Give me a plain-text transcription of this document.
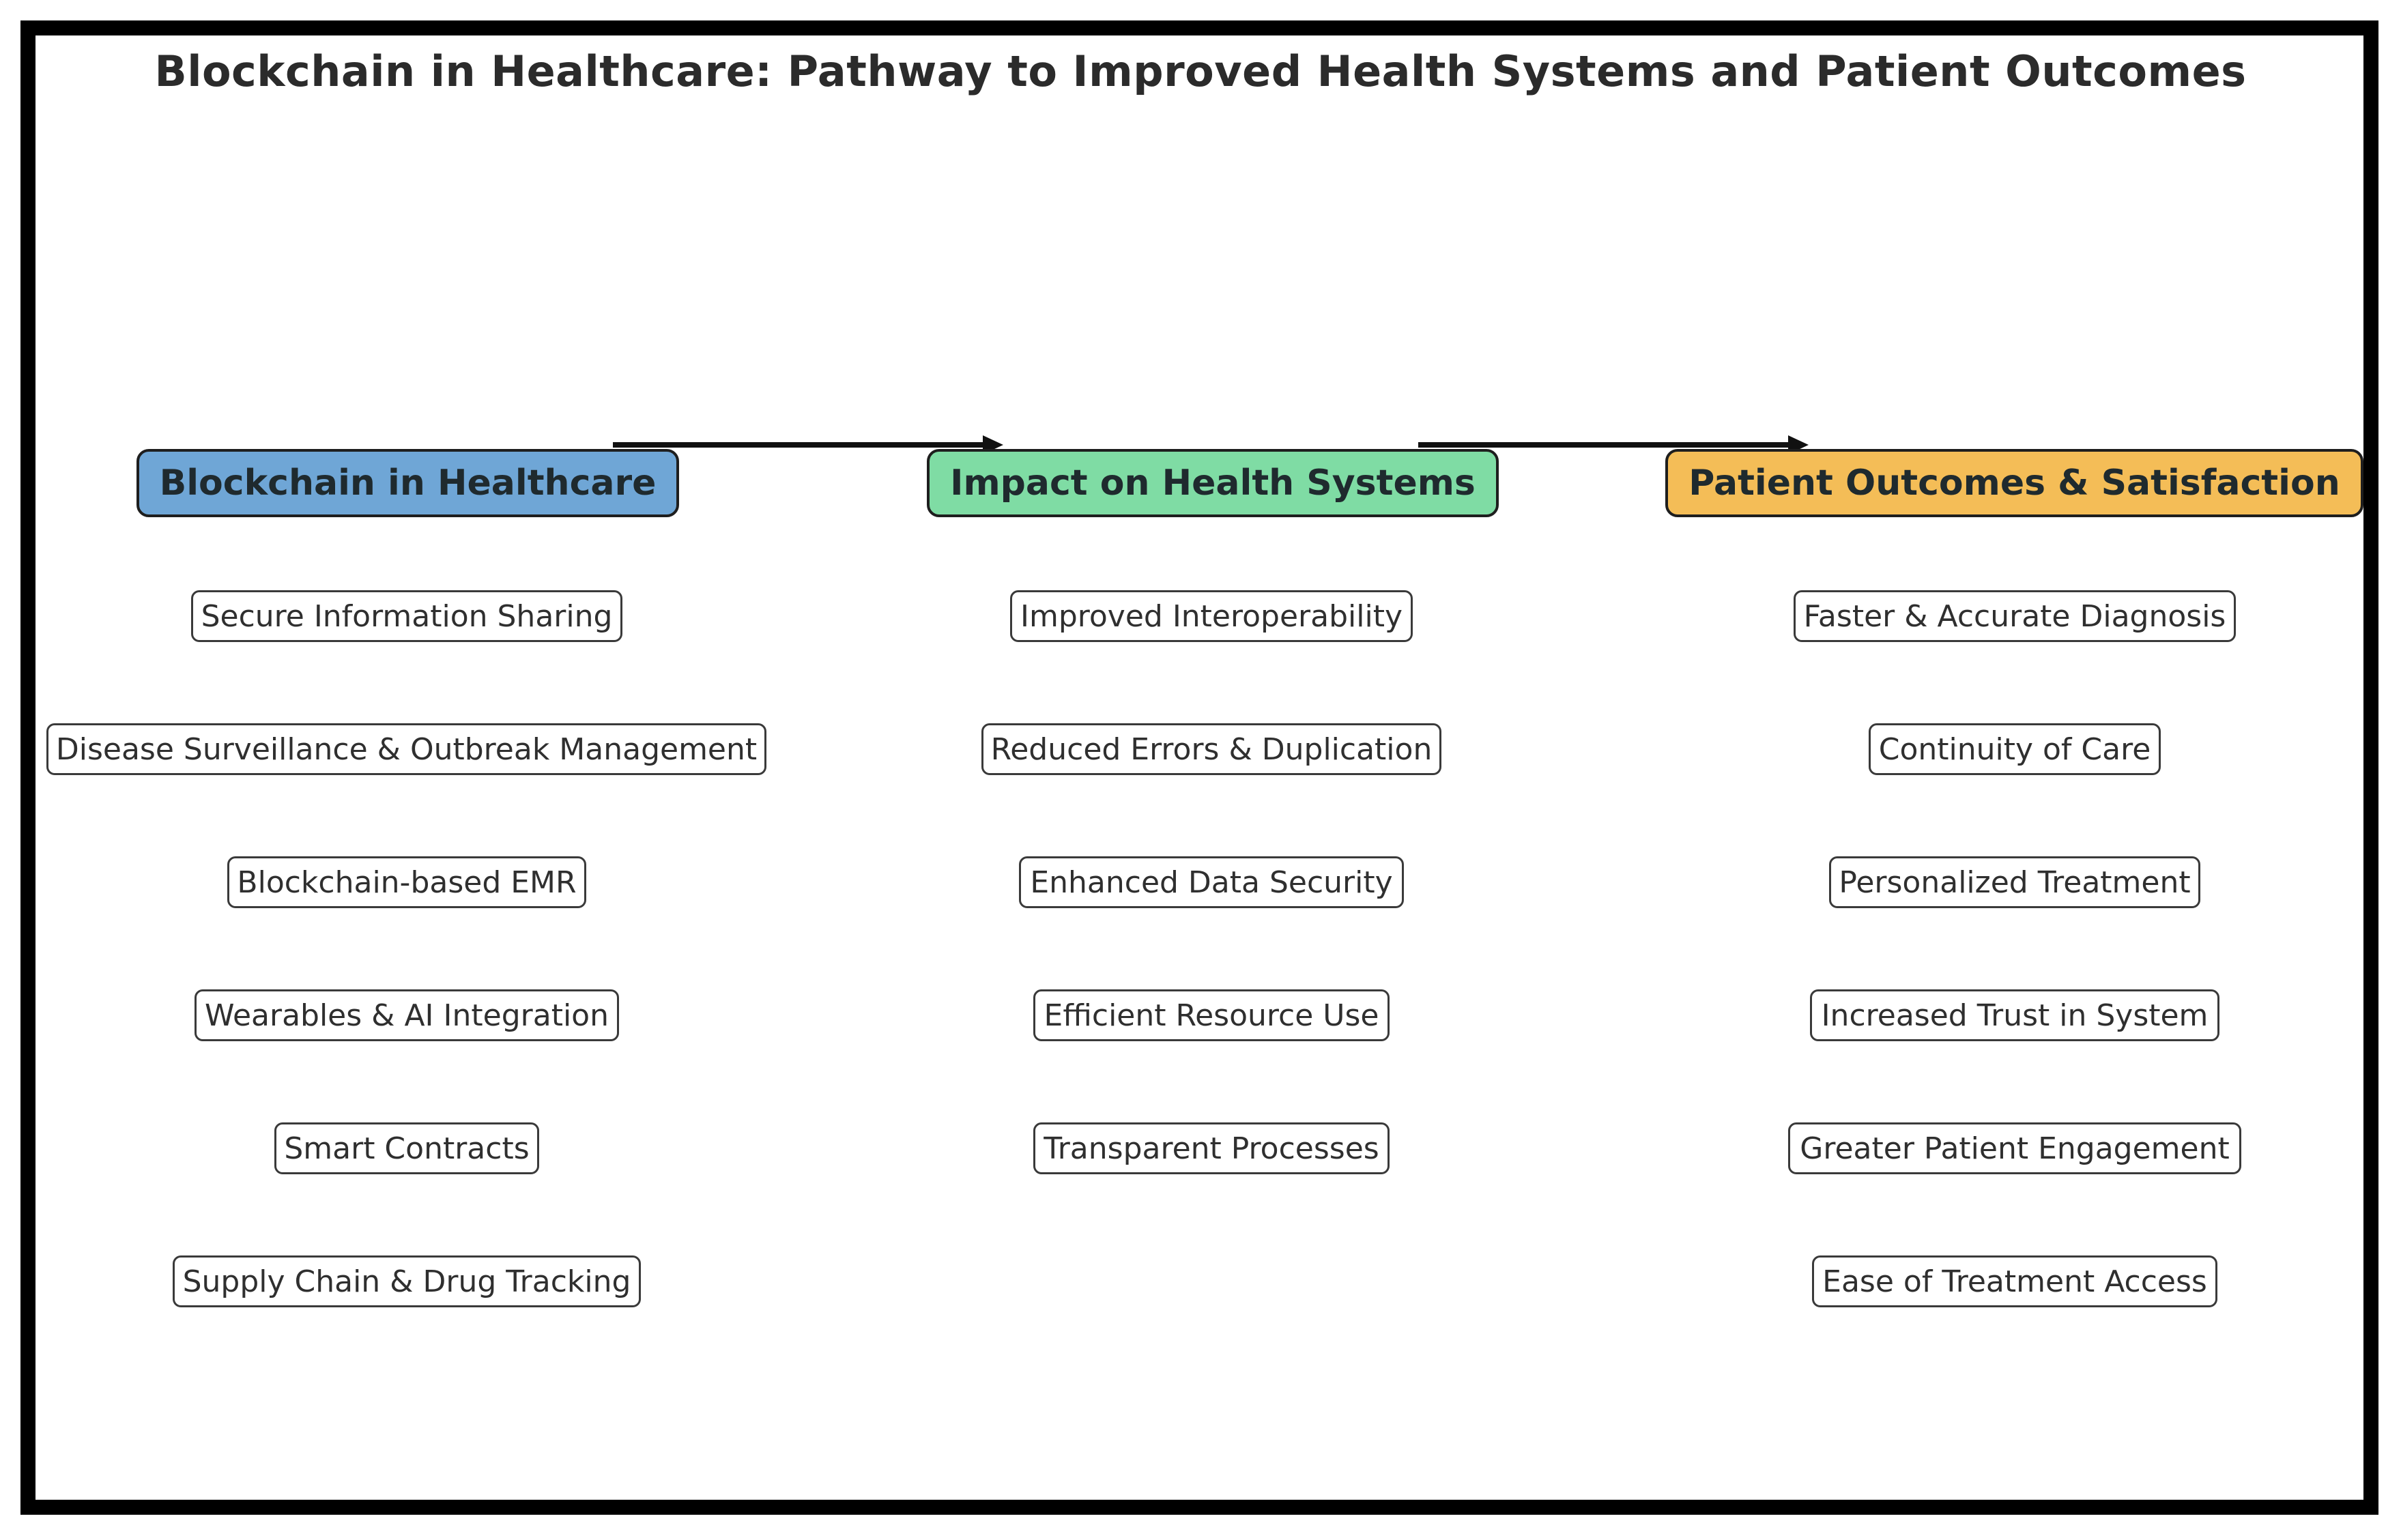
Blockchain in Healthcare: Pathway to Improved Health Systems and Patient Outcomes
Blockchain in Healthcare
Secure Information Sharing
Disease Surveillance & Outbreak Management
Blockchain-based EMR
Wearables & AI Integration
Smart Contracts
Supply Chain & Drug Tracking
Impact on Health Systems
Improved Interoperability
Reduced Errors & Duplication
Enhanced Data Security
Efficient Resource Use
Transparent Processes
Patient Outcomes & Satisfaction
Faster & Accurate Diagnosis
Continuity of Care
Personalized Treatment
Increased Trust in System
Greater Patient Engagement
Ease of Treatment Access
